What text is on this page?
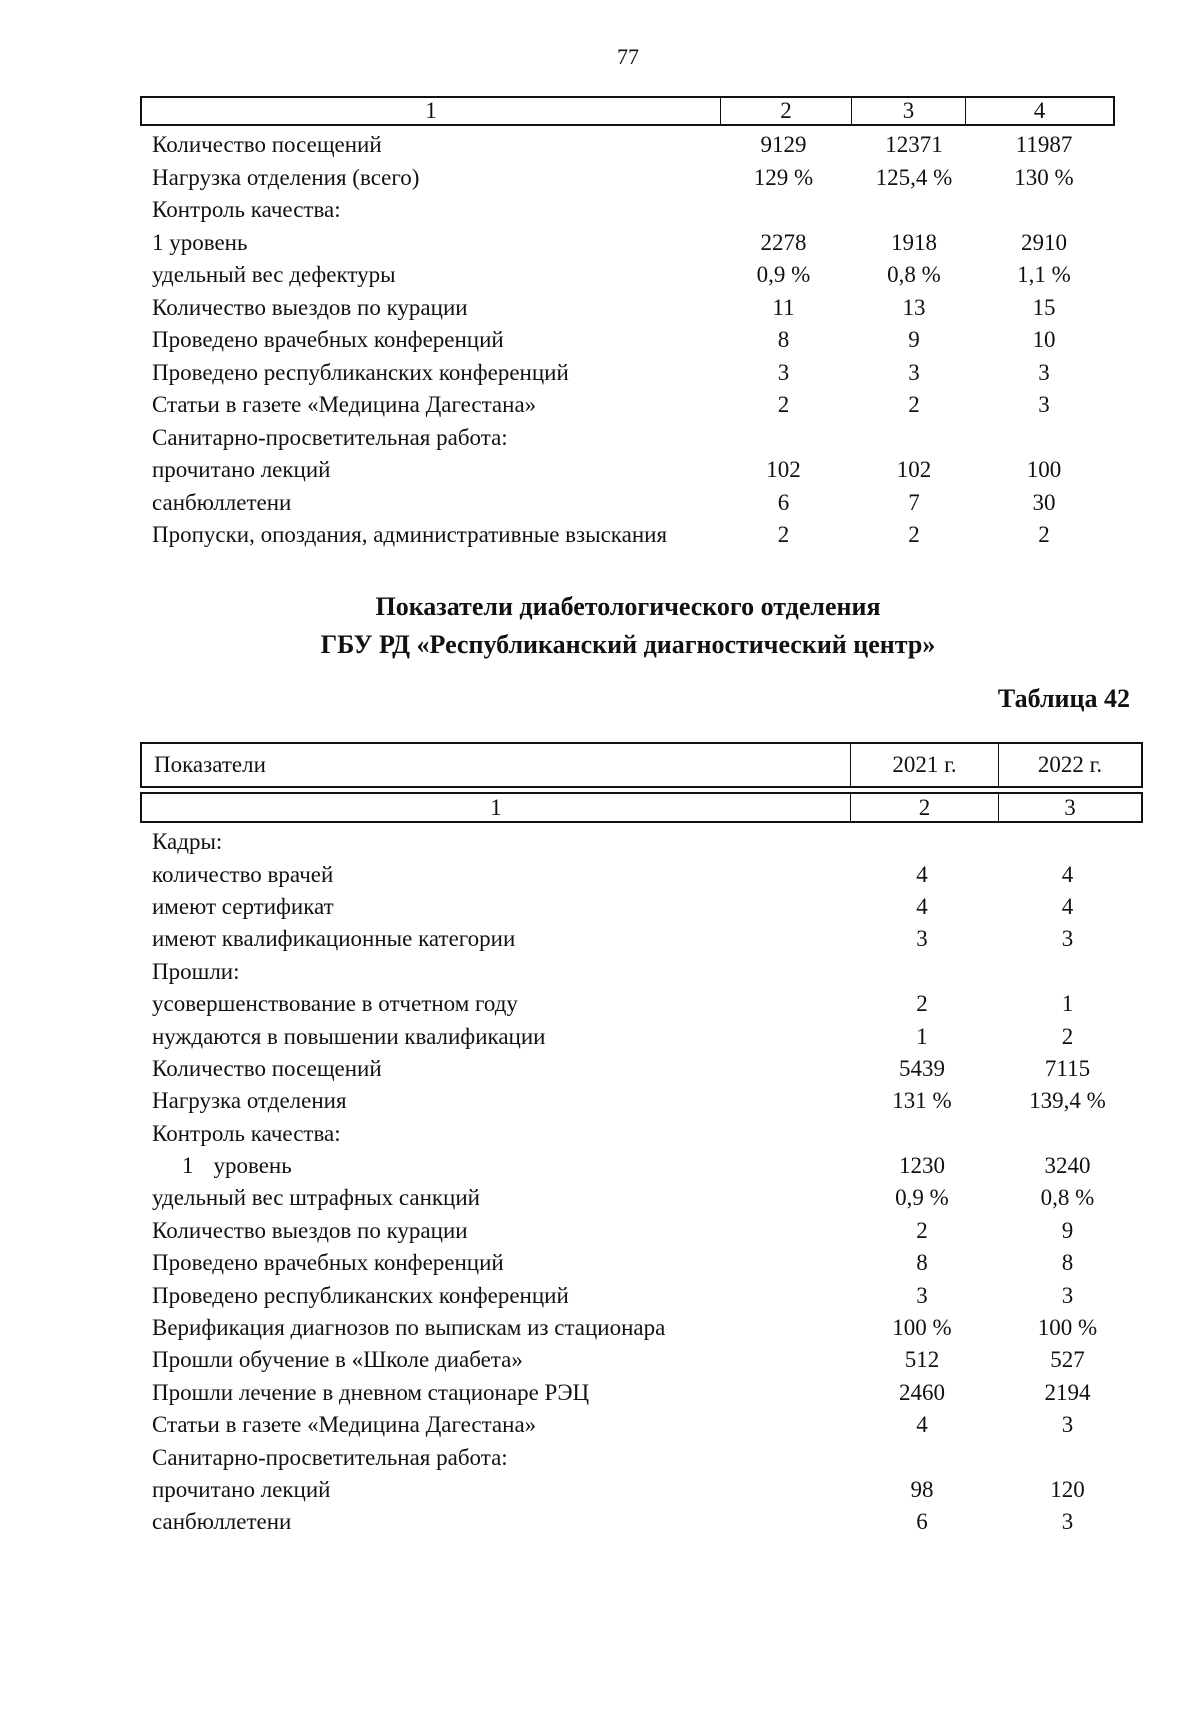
77
1	2	3	4
Количество посещений	9129	12371	11987
Нагрузка отделения (всего)	129 %	125,4 %	130 %
Контроль качества:
1 уровень	2278	1918	2910
удельный вес дефектуры	0,9 %	0,8 %	1,1 %
Количество выездов по курации	11	13	15
Проведено врачебных конференций	8	9	10
Проведено республиканских конференций	3	3	3
Статьи в газете «Медицина Дагестана»	2	2	3
Санитарно-просветительная работа:
прочитано лекций	102	102	100
санбюллетени	6	7	30
Пропуски, опоздания, административные взыскания	2	2	2
Показатели диабетологического отделения
ГБУ РД «Республиканский диагностический центр»
Таблица 42
Показатели	2021 г.	2022 г.
1	2	3
Кадры:
количество врачей	4	4
имеют сертификат	4	4
имеют квалификационные категории	3	3
Прошли:
усовершенствование в отчетном году	2	1
нуждаются в повышении квалификации	1	2
Количество посещений	5439	7115
Нагрузка отделения	131 %	139,4 %
Контроль качества:
1 уровень	1230	3240
удельный вес штрафных санкций	0,9 %	0,8 %
Количество выездов по курации	2	9
Проведено врачебных конференций	8	8
Проведено республиканских конференций	3	3
Верификация диагнозов по выпискам из стационара	100 %	100 %
Прошли обучение в «Школе диабета»	512	527
Прошли лечение в дневном стационаре РЭЦ	2460	2194
Статьи в газете «Медицина Дагестана»	4	3
Санитарно-просветительная работа:
прочитано лекций	98	120
санбюллетени	6	3
